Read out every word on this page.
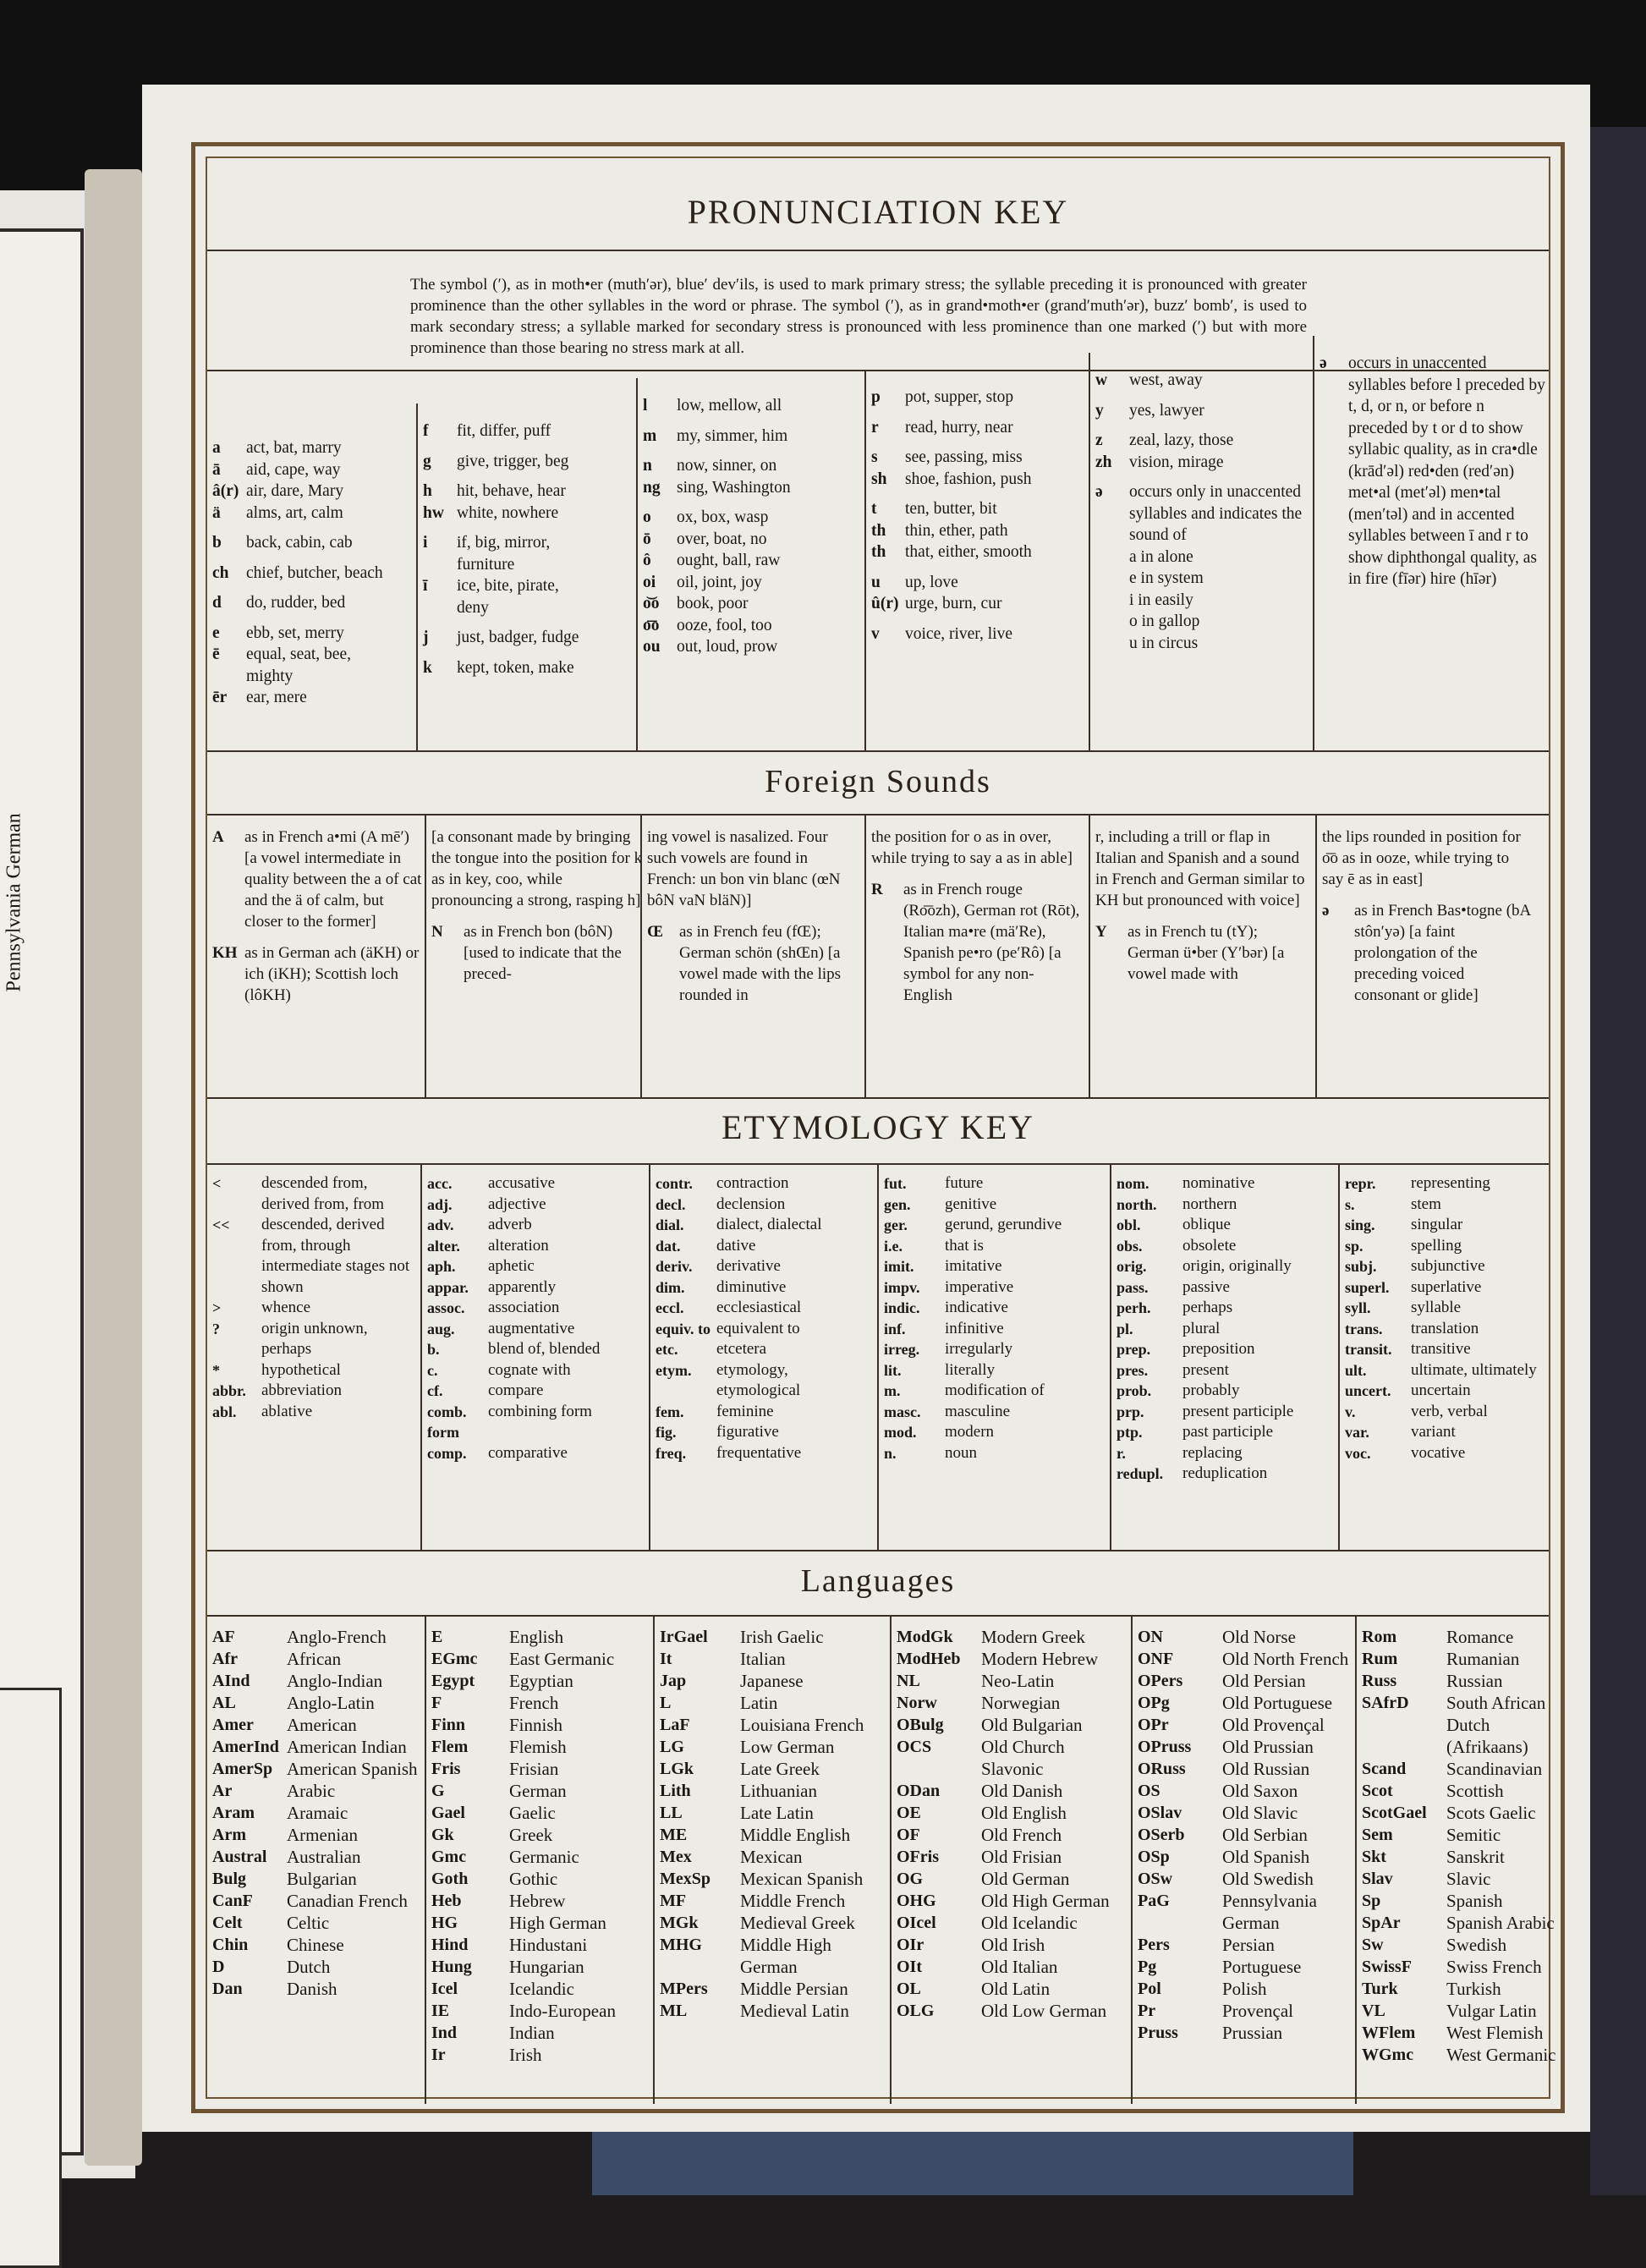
Pennsylvania German
PRONUNCIATION KEY
The symbol (ʹ), as in moth•er (muthʹər), blueʹ devʹils, is used to mark primary stress; the syllable preceding it is pronounced with greater prominence than the other syllables in the word or phrase. The symbol (ʹ), as in grand•moth•er (grandʹmuthʹər), buzzʹ bombʹ, is used to mark secondary stress; a syllable marked for secondary stress is pronounced with less prominence than one marked (ʹ) but with more prominence than those bearing no stress mark at all.
a	act, bat, marry
ā	aid, cape, way
â(r) air, dare, Mary
ä	alms, art, calm
b	back, cabin, cab
ch	chief, butcher, beach
d	do, rudder, bed
e	ebb, set, merry
ē	equal, seat, bee,
mighty
ēr	ear, mere
f	fit, differ, puff
g	give, trigger, beg
h	hit, behave, hear
hw white, nowhere
i	if, big, mirror,
furniture
ī	ice, bite, pirate,
deny
j	just, badger, fudge
k	kept, token, make
l	low, mellow, all
m	my, simmer, him
n	now, sinner, on
ng sing, Washington
o	ox, box, wasp
ō	over, boat, no
ô	ought, ball, raw
oi	oil, joint, joy
o͝o	book, poor
o͞o	ooze, fool, too
ou out, loud, prow
p	pot, supper, stop
r	read, hurry, near
s	see, passing, miss
sh	shoe, fashion, push
t	ten, butter, bit
th	thin, ether, path
th	that, either, smooth
u	up, love
û(r) urge, burn, cur
v	voice, river, live
w	west, away
y	yes, lawyer
z	zeal, lazy, those
zh	vision, mirage
ə	occurs only in unaccented syllables and indicates the sound of
a in alone
e in system
i in easily
o in gallop
u in circus
ə	occurs in unaccented syllables before l preceded by t, d, or n, or before n preceded by t or d to show syllabic quality, as in cra•dle (krādʹəl) red•den (redʹən) met•al (metʹəl) men•tal (menʹtəl) and in accented syllables between ī and r to show diphthongal quality, as in fire (fīər) hire (hīər)
Foreign Sounds
A	as in French a•mi (A mēʹ) [a vowel intermediate in quality between the a of cat and the ä of calm, but closer to the former]
KH as in German ach (äKH) or ich (iKH); Scottish loch (lôKH)
[a consonant made by bringing the tongue into the position for k as in key, coo, while pronouncing a strong, rasping h]
N	as in French bon (bôN) [used to indicate that the preced-
ing vowel is nasalized. Four such vowels are found in French: un bon vin blanc (œN bôN vaN bläN)]
Œ	as in French feu (fŒ); German schön (shŒn) [a vowel made with the lips rounded in
the position for o as in over, while trying to say a as in able]
R	as in French rouge (Ro͞ozh), German rot (Rōt), Italian ma•re (mäʹRe), Spanish pe•ro (peʹRô) [a symbol for any non-English
r, including a trill or flap in Italian and Spanish and a sound in French and German similar to KH but pronounced with voice]
Y	as in French tu (tY); German ü•ber (Yʹbər) [a vowel made with
the lips rounded in position for o͞o as in ooze, while trying to say ē as in east]
ə	as in French Bas•togne (bA stônʹyə) [a faint prolongation of the preceding voiced consonant or glide]
ETYMOLOGY KEY
<	descended from, derived from, from
<<	descended, derived from, through intermediate stages not shown
>	whence
?	origin unknown, perhaps
*	hypothetical
abbr. abbreviation
abl.	ablative
acc.	accusative
adj.	adjective
adv.	adverb
alter.	alteration
aph.	aphetic
appar.	apparently
assoc.	association
aug.	augmentative
b.	blend of, blended
c.	cognate with
cf.	compare
comb. form
combining form
comp.	comparative
contr.	contraction
decl.	declension
dial.	dialect, dialectal
dat.	dative
deriv.	derivative
dim.	diminutive
eccl.	ecclesiastical
equiv. to equivalent to
etc.	etcetera
etym.	etymology, etymological
fem.	feminine
fig.	figurative
freq.	frequentative
fut.	future
gen.	genitive
ger.	gerund, gerundive
i.e.	that is
imit.	imitative
impv.	imperative
indic.	indicative
inf.	infinitive
irreg.	irregularly
lit.	literally
m.	modification of
masc.	masculine
mod.	modern
n.	noun
nom.	nominative
north.	northern
obl.	oblique
obs.	obsolete
orig.	origin, originally
pass.	passive
perh.	perhaps
pl.	plural
prep.	preposition
pres.	present
prob.	probably
prp.	present participle
ptp.	past participle
r.	replacing
redupl.	reduplication
repr.	representing
s.	stem
sing.	singular
sp.	spelling
subj.	subjunctive
superl.	superlative
syll.	syllable
trans.	translation
transit.	transitive
ult.	ultimate, ultimately
uncert.	uncertain
v.	verb, verbal
var.	variant
voc.	vocative
Languages
AF	Anglo-French
Afr	African
AInd	Anglo-Indian
AL	Anglo-Latin
Amer	American
AmerInd American Indian
AmerSp American Spanish
Ar	Arabic
Aram	Aramaic
Arm	Armenian
Austral	Australian
Bulg	Bulgarian
CanF	Canadian French
Celt	Celtic
Chin	Chinese
D	Dutch
Dan	Danish
E	English
EGmc	East Germanic
Egypt	Egyptian
F	French
Finn	Finnish
Flem	Flemish
Fris	Frisian
G	German
Gael	Gaelic
Gk	Greek
Gmc	Germanic
Goth	Gothic
Heb	Hebrew
HG	High German
Hind	Hindustani
Hung	Hungarian
Icel	Icelandic
IE	Indo-European
Ind	Indian
Ir	Irish
IrGael	Irish Gaelic
It	Italian
Jap	Japanese
L	Latin
LaF	Louisiana French
LG	Low German
LGk	Late Greek
Lith	Lithuanian
LL	Late Latin
ME	Middle English
Mex	Mexican
MexSp	Mexican Spanish
MF	Middle French
MGk	Medieval Greek
MHG	Middle High German
MPers	Middle Persian
ML	Medieval Latin
ModGk	Modern Greek
ModHeb	Modern Hebrew
NL	Neo-Latin
Norw	Norwegian
OBulg	Old Bulgarian
OCS	Old Church Slavonic
ODan	Old Danish
OE	Old English
OF	Old French
OFris	Old Frisian
OG	Old German
OHG	Old High German
OIcel	Old Icelandic
OIr	Old Irish
OIt	Old Italian
OL	Old Latin
OLG	Old Low German
ON	Old Norse
ONF	Old North French
OPers	Old Persian
OPg	Old Portuguese
OPr	Old Provençal
OPruss	Old Prussian
ORuss	Old Russian
OS	Old Saxon
OSlav	Old Slavic
OSerb	Old Serbian
OSp	Old Spanish
OSw	Old Swedish
PaG	Pennsylvania German
Pers	Persian
Pg	Portuguese
Pol	Polish
Pr	Provençal
Pruss	Prussian
Rom	Romance
Rum	Rumanian
Russ	Russian
SAfrD	South African Dutch (Afrikaans)
Scand	Scandinavian
Scot	Scottish
ScotGael	Scots Gaelic
Sem	Semitic
Skt	Sanskrit
Slav	Slavic
Sp	Spanish
SpAr	Spanish Arabic
Sw	Swedish
SwissF	Swiss French
Turk	Turkish
VL	Vulgar Latin
WFlem	West Flemish
WGmc	West Germanic
